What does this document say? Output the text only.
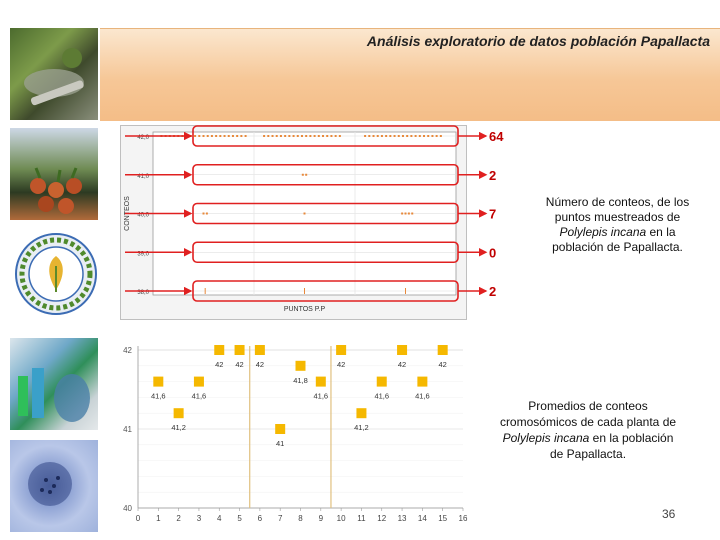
Análisis exploratorio de datos población Papallacta
42,0
41,0
40,0
39,0
38,0
CONTEOS
PUNTOS P.P
64
2
7
0
2
40
41
42
0 1 2 3 4 5 6 7 8 9 10 11 12 13 14 15 16
41,6
41,2
41,6
42 42 42
41
41,8
41,6
42
41,2
41,6
42
41,6
42
Número de conteos, de los puntos muestreados de Polylepis incana en la población de Papallacta.
Promedios de conteos cromosómicos de cada planta de Polylepis incana en la población de Papallacta.
36
